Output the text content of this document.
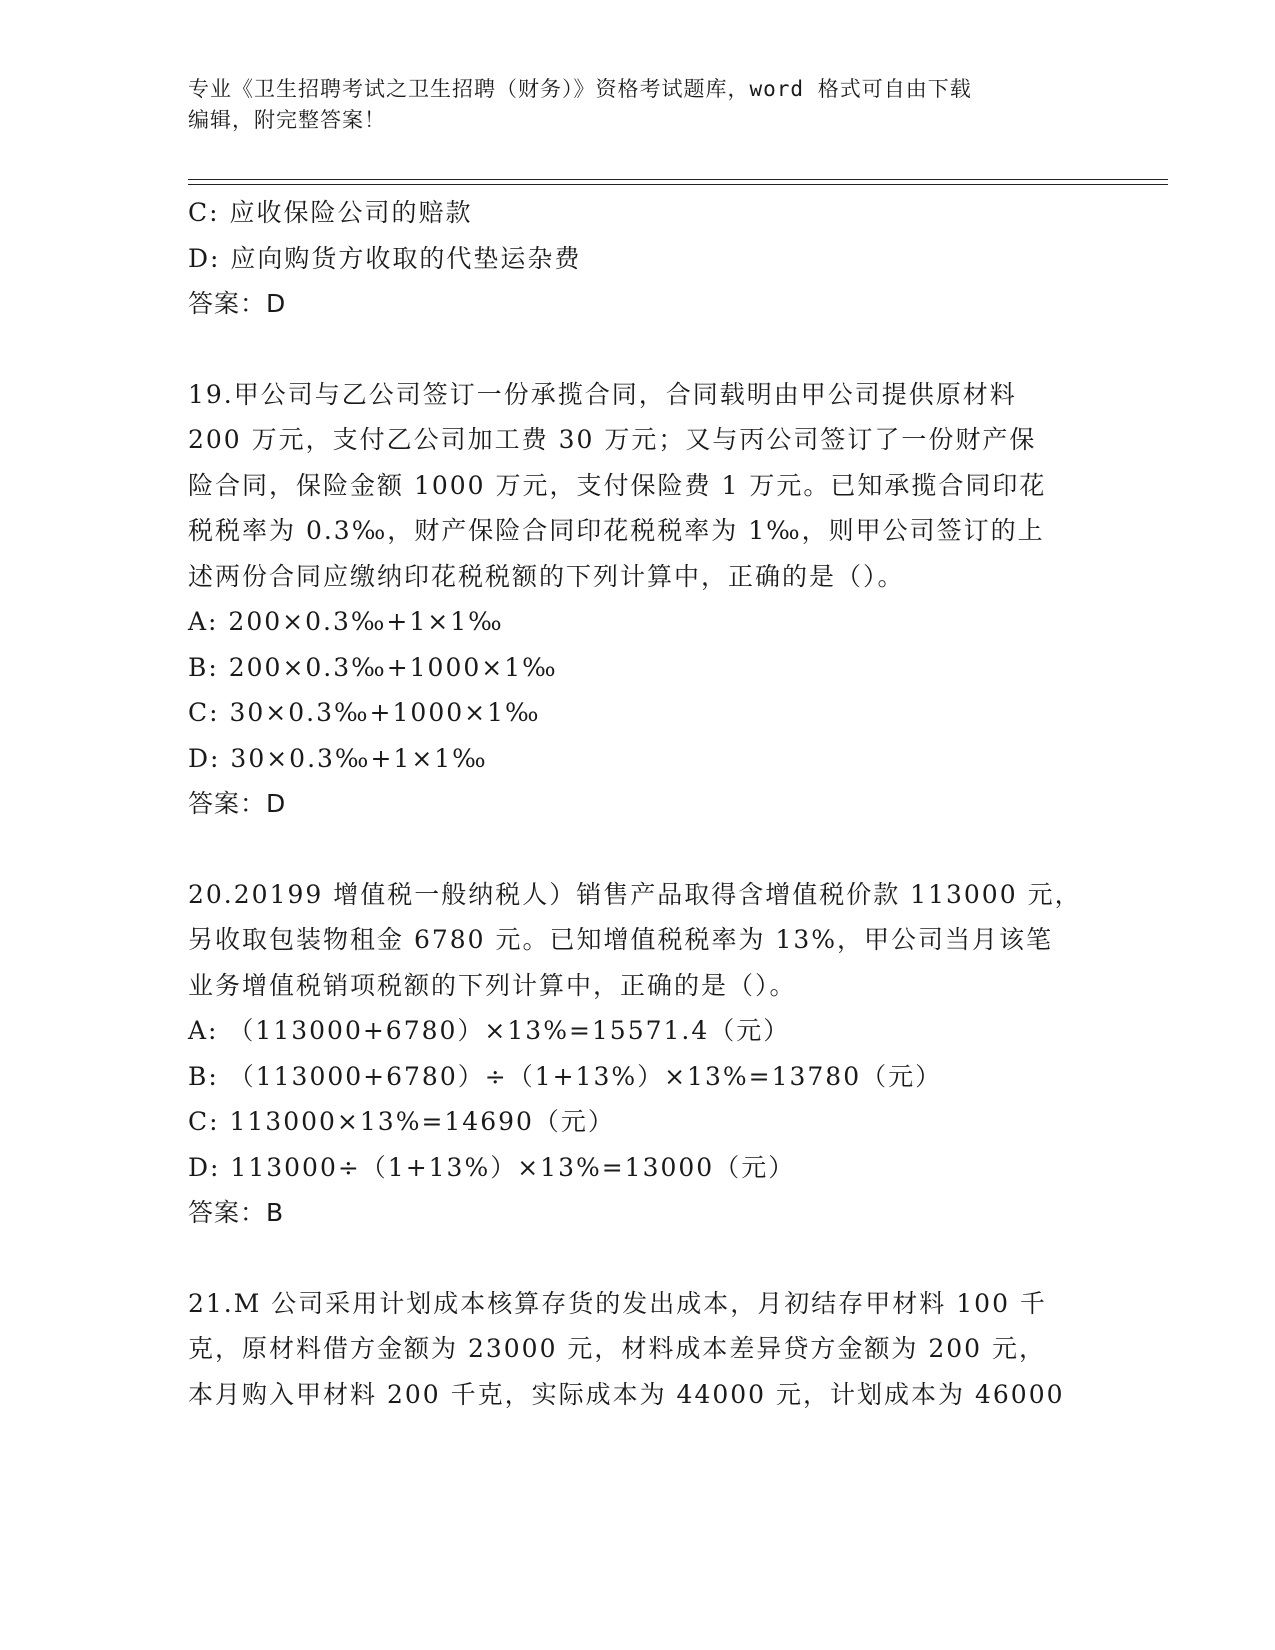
专业《卫生招聘考试之卫生招聘（财务）》资格考试题库，word 格式可自由下载
编辑，附完整答案！
C: 应收保险公司的赔款
D: 应向购货方收取的代垫运杂费
答案：D
19.甲公司与乙公司签订一份承揽合同，合同载明由甲公司提供原材料
200 万元，支付乙公司加工费 30 万元；又与丙公司签订了一份财产保
险合同，保险金额 1000 万元，支付保险费 1 万元。已知承揽合同印花
税税率为 0.3‰，财产保险合同印花税税率为 1‰，则甲公司签订的上
述两份合同应缴纳印花税税额的下列计算中，正确的是（）。
A: 200×0.3‰+1×1‰
B: 200×0.3‰+1000×1‰
C: 30×0.3‰+1000×1‰
D: 30×0.3‰+1×1‰
答案：D
20.20199 增值税一般纳税人）销售产品取得含增值税价款 113000 元，
另收取包装物租金 6780 元。已知增值税税率为 13%，甲公司当月该笔
业务增值税销项税额的下列计算中，正确的是（）。
A: （113000+6780）×13%=15571.4（元）
B: （113000+6780）÷（1+13%）×13%=13780（元）
C: 113000×13%=14690（元）
D: 113000÷（1+13%）×13%=13000（元）
答案：B
21.M 公司采用计划成本核算存货的发出成本，月初结存甲材料 100 千
克，原材料借方金额为 23000 元，材料成本差异贷方金额为 200 元，
本月购入甲材料 200 千克，实际成本为 44000 元，计划成本为 46000
